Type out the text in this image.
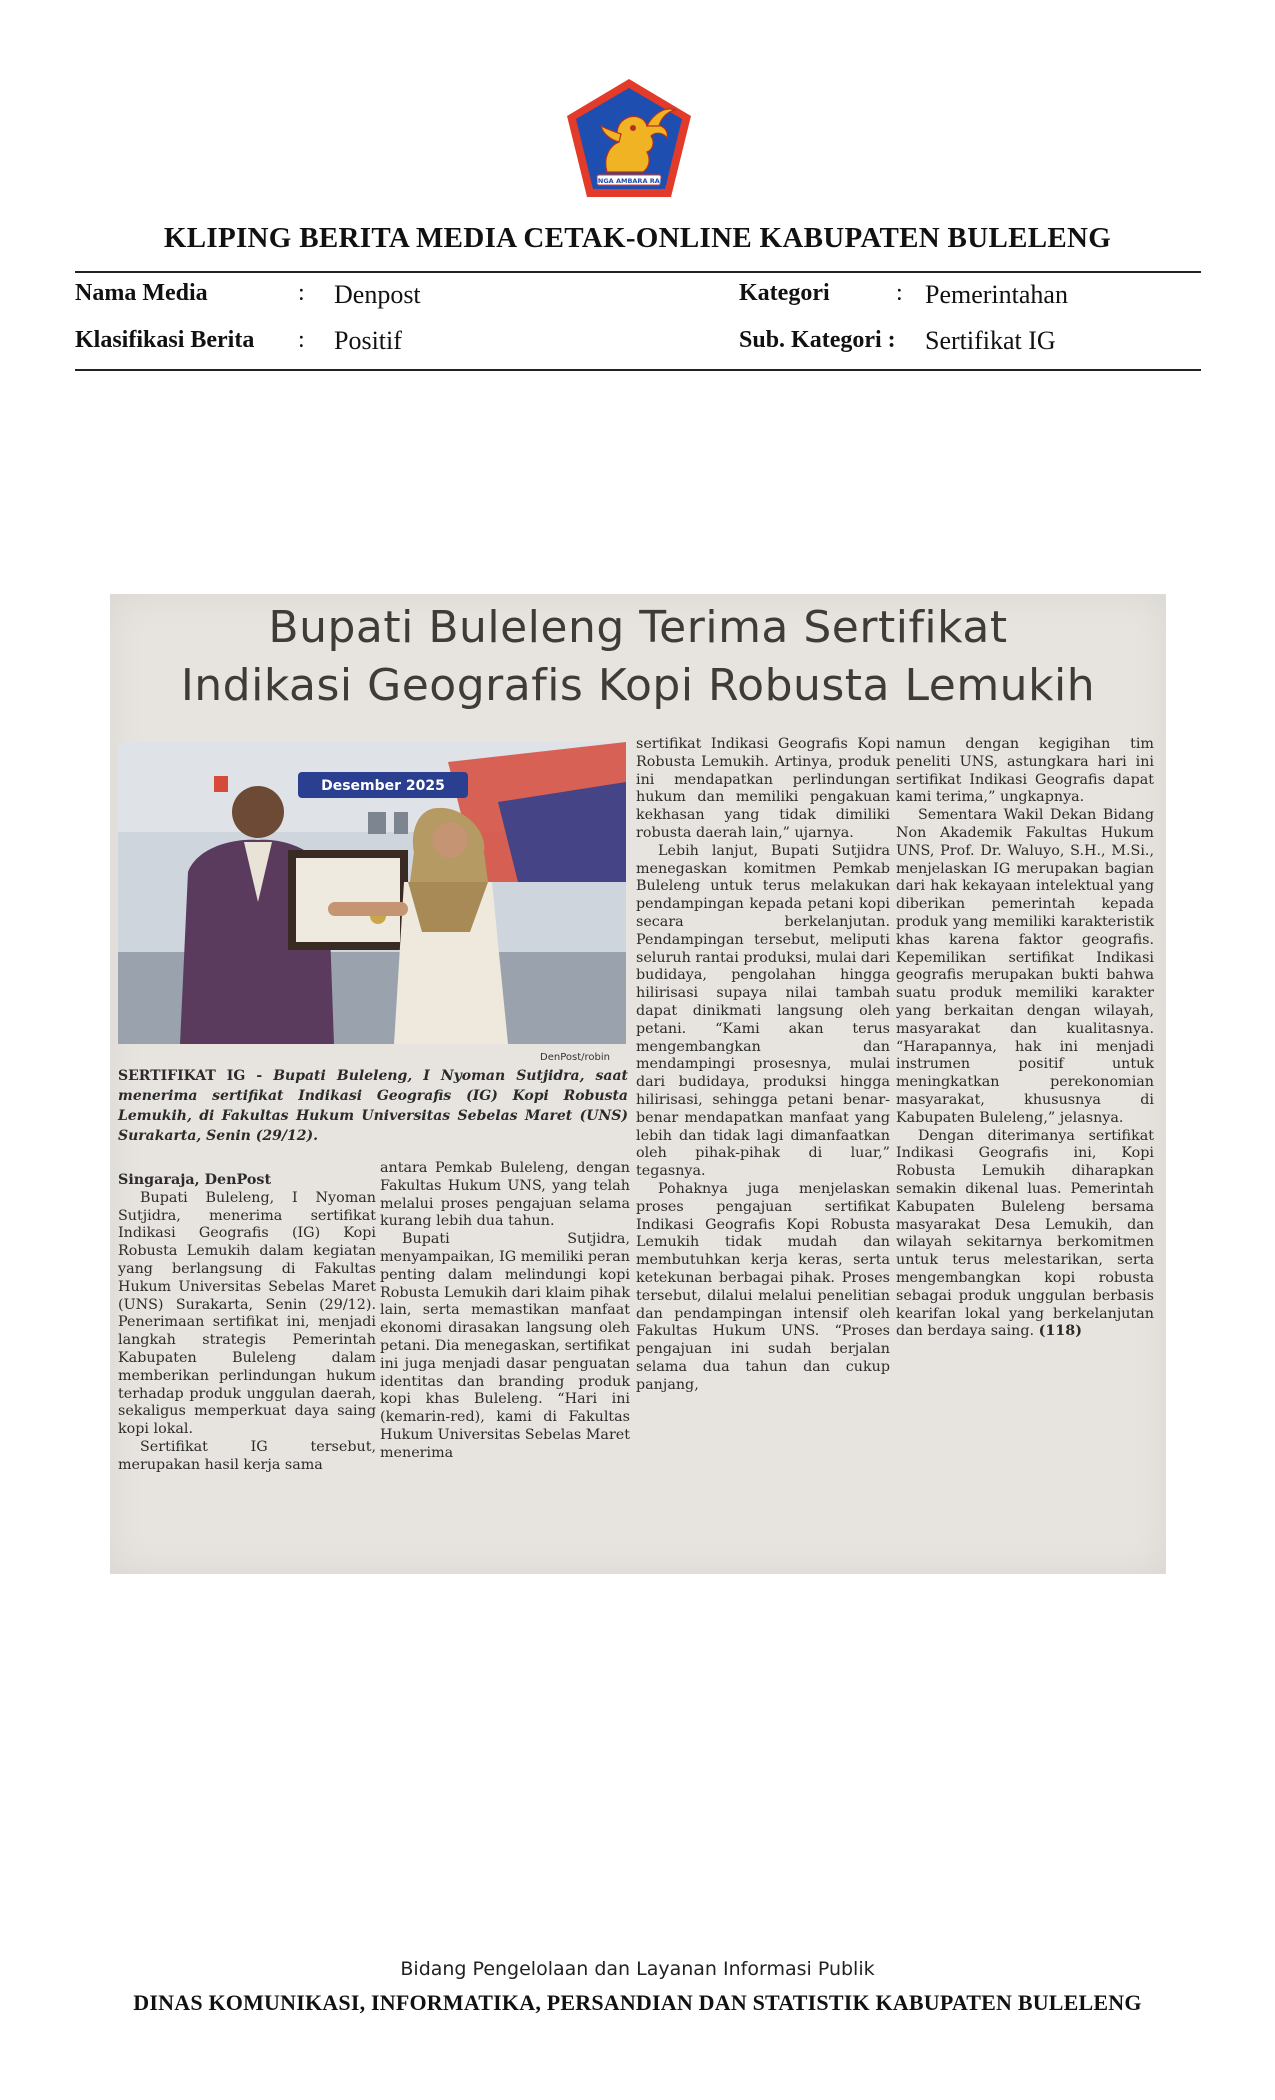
SINGA AMBARA RAJA
KLIPING BERITA MEDIA CETAK-ONLINE KABUPATEN BULELENG
Nama Media	: Denpost	Kategori	: Pemerintahan
Klasifikasi Berita : Positif	Sub. Kategori : Sertifikat IG
Bupati Buleleng Terima Sertifikat
Indikasi Geografis Kopi Robusta Lemukih
Desember 2025
DenPost/robin
SERTIFIKAT IG - Bupati Buleleng, I Nyoman Sutjidra, saat menerima sertifikat Indikasi Geografis (IG) Kopi Robusta Lemukih, di Fakultas Hukum Universitas Sebelas Maret (UNS) Surakarta, Senin (29/12).

Singaraja, DenPost

Bupati Buleleng, I Nyoman Sutjidra, menerima sertifikat Indikasi Geografis (IG) Kopi Robusta Lemukih dalam kegiatan yang berlangsung di Fakultas Hukum Universitas Sebelas Maret (UNS) Surakarta, Senin (29/12). Penerimaan sertifikat ini, menjadi langkah strategis Pemerintah Kabupaten Buleleng dalam memberikan perlindungan hukum terhadap produk unggulan daerah, sekaligus memperkuat daya saing kopi lokal.

Sertifikat IG tersebut, merupakan hasil kerja sama

antara Pemkab Buleleng, dengan Fakultas Hukum UNS, yang telah melalui proses pengajuan selama kurang lebih dua tahun.

Bupati Sutjidra, menyampaikan, IG memiliki peran penting dalam melindungi kopi Robusta Lemukih dari klaim pihak lain, serta memastikan manfaat ekonomi dirasakan langsung oleh petani. Dia menegaskan, sertifikat ini juga menjadi dasar penguatan identitas dan branding produk kopi khas Buleleng. “Hari ini (kemarin-red), kami di Fakultas Hukum Universitas Sebelas Maret menerima

sertifikat Indikasi Geografis Kopi Robusta Lemukih. Artinya, produk ini mendapatkan perlindungan hukum dan memiliki pengakuan kekhasan yang tidak dimiliki robusta daerah lain,” ujarnya.

Lebih lanjut, Bupati Sutjidra menegaskan komitmen Pemkab Buleleng untuk terus melakukan pendampingan kepada petani kopi secara berkelanjutan. Pendampingan tersebut, meliputi seluruh rantai produksi, mulai dari budidaya, pengolahan hingga hilirisasi supaya nilai tambah dapat dinikmati langsung oleh petani. “Kami akan terus mengembangkan dan mendampingi prosesnya, mulai dari budidaya, produksi hingga hilirisasi, sehingga petani benar-benar mendapatkan manfaat yang lebih dan tidak lagi dimanfaatkan oleh pihak-pihak di luar,” tegasnya.

Pohaknya juga menjelaskan proses pengajuan sertifikat Indikasi Geografis Kopi Robusta Lemukih tidak mudah dan membutuhkan kerja keras, serta ketekunan berbagai pihak. Proses tersebut, dilalui melalui penelitian dan pendampingan intensif oleh Fakultas Hukum UNS. “Proses pengajuan ini sudah berjalan selama dua tahun dan cukup panjang,

namun dengan kegigihan tim peneliti UNS, astungkara hari ini sertifikat Indikasi Geografis dapat kami terima,” ungkapnya.

Sementara Wakil Dekan Bidang Non Akademik Fakultas Hukum UNS, Prof. Dr. Waluyo, S.H., M.Si., menjelaskan IG merupakan bagian dari hak kekayaan intelektual yang diberikan pemerintah kepada produk yang memiliki karakteristik khas karena faktor geografis. Kepemilikan sertifikat Indikasi geografis merupakan bukti bahwa suatu produk memiliki karakter yang berkaitan dengan wilayah, masyarakat dan kualitasnya. “Harapannya, hak ini menjadi instrumen positif untuk meningkatkan perekonomian masyarakat, khususnya di Kabupaten Buleleng,” jelasnya.

Dengan diterimanya sertifikat Indikasi Geografis ini, Kopi Robusta Lemukih diharapkan semakin dikenal luas. Pemerintah Kabupaten Buleleng bersama masyarakat Desa Lemukih, dan wilayah sekitarnya berkomitmen untuk terus melestarikan, serta mengembangkan kopi robusta sebagai produk unggulan berbasis kearifan lokal yang berkelanjutan dan berdaya saing. (118)

Bidang Pengelolaan dan Layanan Informasi Publik
DINAS KOMUNIKASI, INFORMATIKA, PERSANDIAN DAN STATISTIK KABUPATEN BULELENG
